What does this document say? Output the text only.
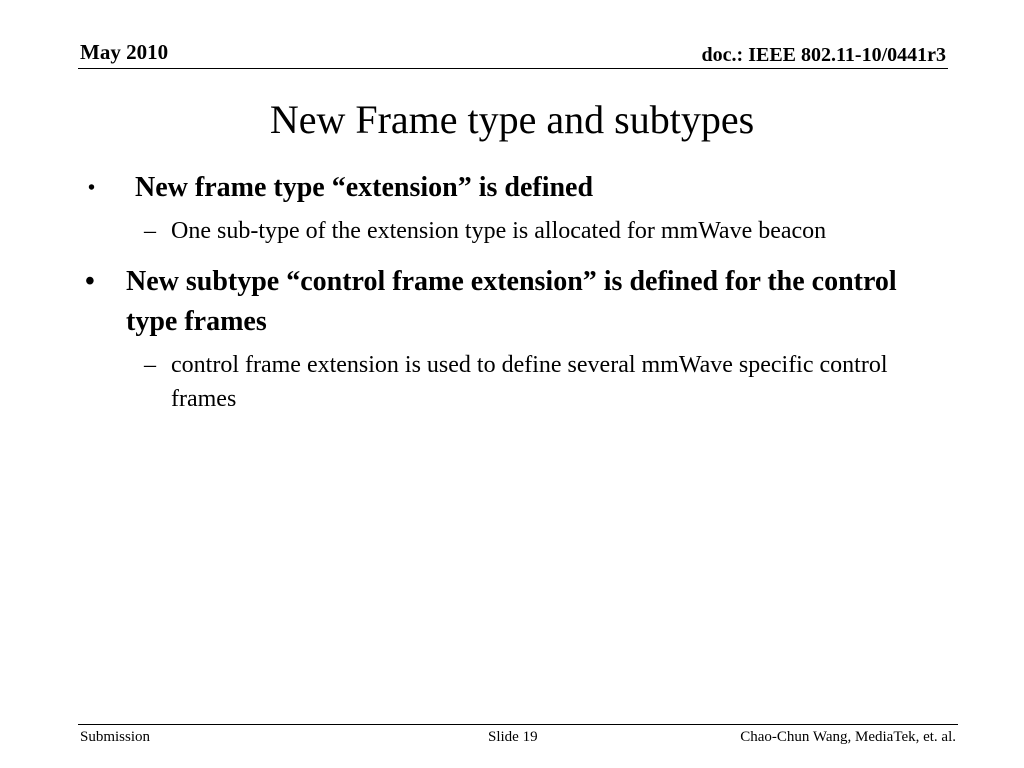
May 2010	doc.: IEEE 802.11-10/0441r3
New Frame type and subtypes
•	New frame type “extension” is defined
– One sub-type of the extension type is allocated for mmWave beacon
•	New subtype “control frame extension” is defined for the control type frames
– control frame extension is used to define several mmWave specific control frames
Submission	Slide 19	Chao-Chun Wang, MediaTek, et. al.
